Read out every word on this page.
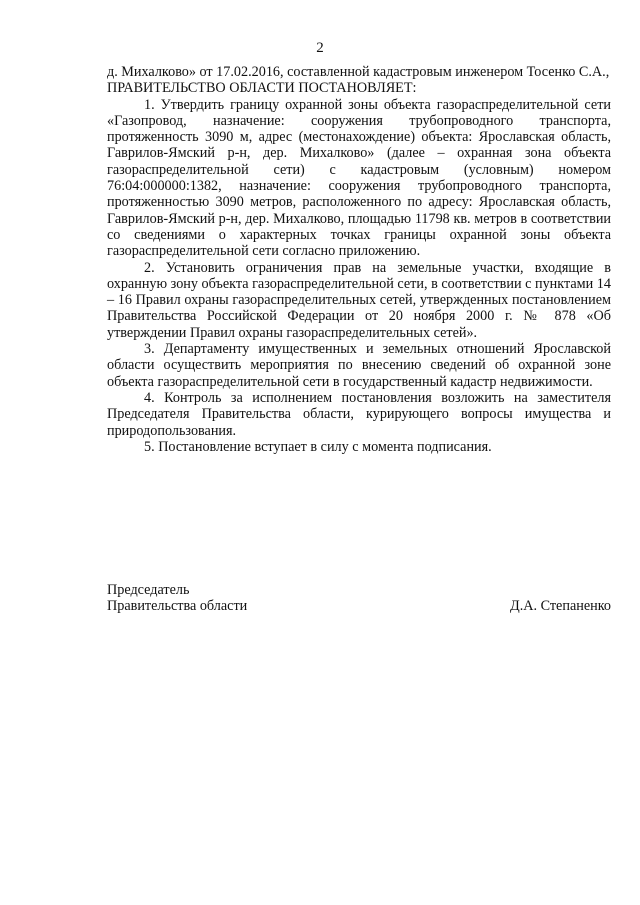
2

д. Михалково» от 17.02.2016, составленной кадастровым инженером Тосенко С.А.,

ПРАВИТЕЛЬСТВО ОБЛАСТИ ПОСТАНОВЛЯЕТ:

1. Утвердить границу охранной зоны объекта газораспределительной сети «Газопровод, назначение: сооружения трубопроводного транспорта, протяженность 3090 м, адрес (местонахождение) объекта: Ярославская область, Гаврилов-Ямский р-н, дер. Михалково» (далее – охранная зона объекта газораспределительной сети) с кадастровым (условным) номером 76:04:000000:1382, назначение: сооружения трубопроводного транспорта, протяженностью 3090 метров, расположенного по адресу: Ярославская область, Гаврилов-Ямский р-н, дер. Михалково, площадью 11798 кв. метров в соответствии со сведениями о характерных точках границы охранной зоны объекта газораспределительной сети согласно приложению.

2. Установить ограничения прав на земельные участки, входящие в охранную зону объекта газораспределительной сети, в соответствии с пунктами 14 – 16 Правил охраны газораспределительных сетей, утвержденных постановлением Правительства Российской Федерации от 20 ноября 2000 г. № 878 «Об утверждении Правил охраны газораспределительных сетей».

3. Департаменту имущественных и земельных отношений Ярославской области осуществить мероприятия по внесению сведений об охранной зоне объекта газораспределительной сети в государственный кадастр недвижимости.

4. Контроль за исполнением постановления возложить на заместителя Председателя Правительства области, курирующего вопросы имущества и природопользования.

5. Постановление вступает в силу с момента подписания.

Председатель
Правительства области	Д.А. Степаненко
